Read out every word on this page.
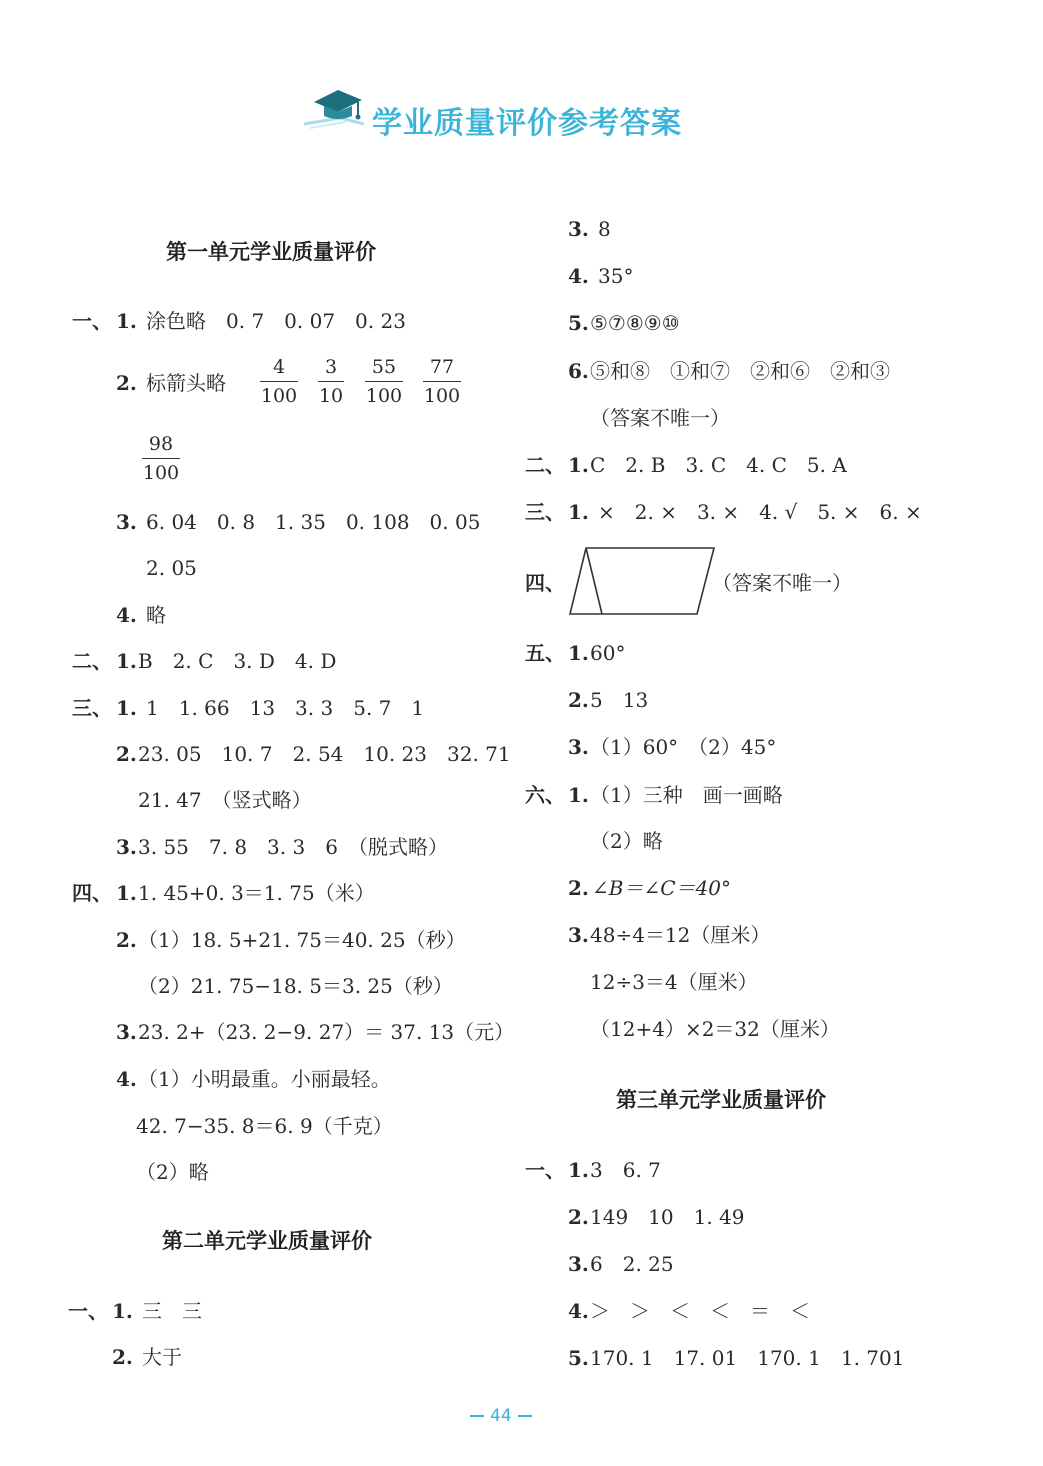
学业质量评价参考答案
第一单元学业质量评价
一、 1. 涂色略　0. 7　0. 07　0. 23
2. 标箭头略 $\frac{4}{100} \frac{3}{10} \frac{55}{100} \frac{77}{100}$
$\frac{98}{100}$
3. 6. 04　0. 8　1. 35　0. 108　0. 05
2. 05
4. 略
二、 1. B　2. C　3. D　4. D
三、 1. 1　1. 66　13　3. 3　5. 7　1
2. 23. 05　10. 7　2. 54　10. 23　32. 71
21. 47　（竖式略）
3. 3. 55　7. 8　3. 3　6　（脱式略）
四、 1. 1. 45+0. 3＝1. 75（米）
2. （1）18. 5+21. 75＝40. 25（秒）
（2）21. 75−18. 5＝3. 25（秒）
3. 23. 2+（23. 2−9. 27）＝ 37. 13（元）
4. （1）小明最重。小丽最轻。
42. 7−35. 8＝6. 9（千克）
（2）略
第二单元学业质量评价
一、 1. 三　三
2. 大于
3. 8
4. 35°
5. ⑤⑦⑧⑨⑩
6. ⑤和⑧　①和⑦　②和⑥　②和③
（答案不唯一）
二、 1. C　2. B　3. C　4. C　5. A
三、 1. ×　2. ×　3. ×　4. √　5. ×　6. ×
四、	（答案不唯一）
五、 1. 60°
2. 5　13
3. （1）60°　（2）45°
六、 1. （1）三种　画一画略
（2）略
2. ∠B＝∠C＝40°
3. 48÷4＝12（厘米）
12÷3＝4（厘米）
（12+4）×2＝32（厘米）
第三单元学业质量评价
一、 1. 3　6. 7
2. 149　10　1. 49
3. 6　2. 25
4. ＞　＞　＜　＜　＝　＜
5. 170. 1　17. 01　170. 1　1. 701
44
